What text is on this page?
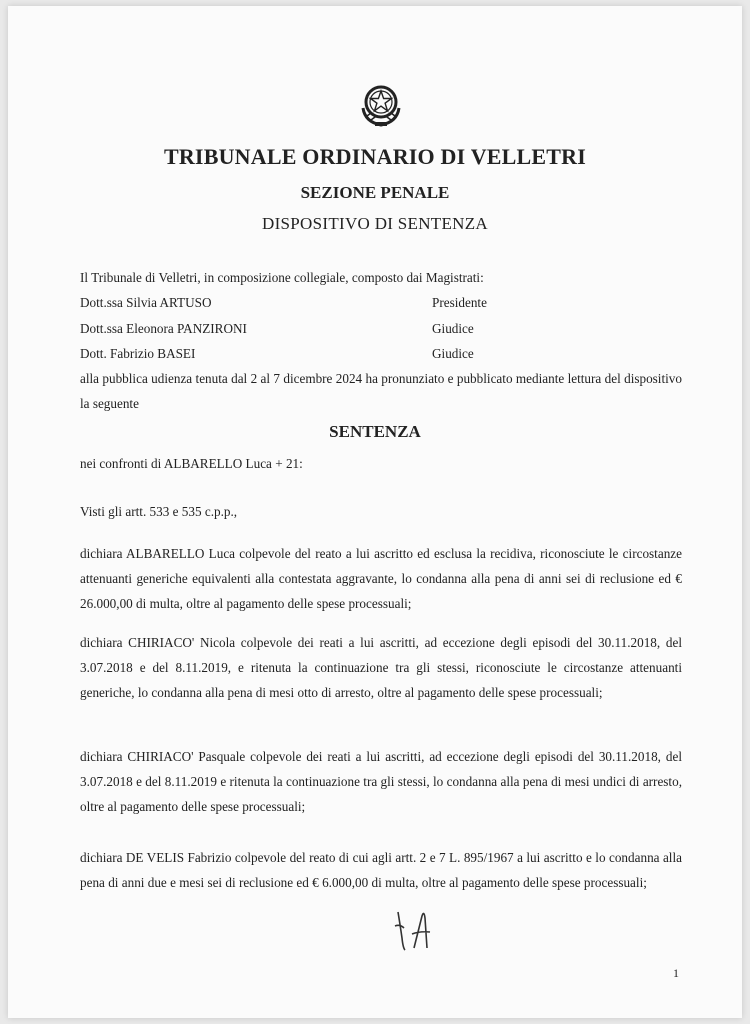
TRIBUNALE ORDINARIO DI VELLETRI
SEZIONE PENALE
DISPOSITIVO DI SENTENZA
Il Tribunale di Velletri, in composizione collegiale, composto dai Magistrati:
Dott.ssa Silvia ARTUSO	Presidente
Dott.ssa Eleonora PANZIRONI	Giudice
Dott. Fabrizio BASEI	Giudice
alla pubblica udienza tenuta dal 2 al 7 dicembre 2024 ha pronunziato e pubblicato mediante lettura del dispositivo la seguente
SENTENZA
nei confronti di ALBARELLO Luca + 21:
Visti gli artt. 533 e 535 c.p.p.,
dichiara ALBARELLO Luca colpevole del reato a lui ascritto ed esclusa la recidiva, riconosciute le circostanze attenuanti generiche equivalenti alla contestata aggravante, lo condanna alla pena di anni sei di reclusione ed € 26.000,00 di multa, oltre al pagamento delle spese processuali;
dichiara CHIRIACO' Nicola colpevole dei reati a lui ascritti, ad eccezione degli episodi del 30.11.2018, del 3.07.2018 e del 8.11.2019, e ritenuta la continuazione tra gli stessi, riconosciute le circostanze attenuanti generiche, lo condanna alla pena di mesi otto di arresto, oltre al pagamento delle spese processuali;
dichiara CHIRIACO' Pasquale colpevole dei reati a lui ascritti, ad eccezione degli episodi del 30.11.2018, del 3.07.2018 e del 8.11.2019 e ritenuta la continuazione tra gli stessi, lo condanna alla pena di mesi undici di arresto, oltre al pagamento delle spese processuali;
dichiara DE VELIS Fabrizio colpevole del reato di cui agli artt. 2 e 7 L. 895/1967 a lui ascritto e lo condanna alla pena di anni due e mesi sei di reclusione ed € 6.000,00 di multa, oltre al pagamento delle spese processuali;
1
